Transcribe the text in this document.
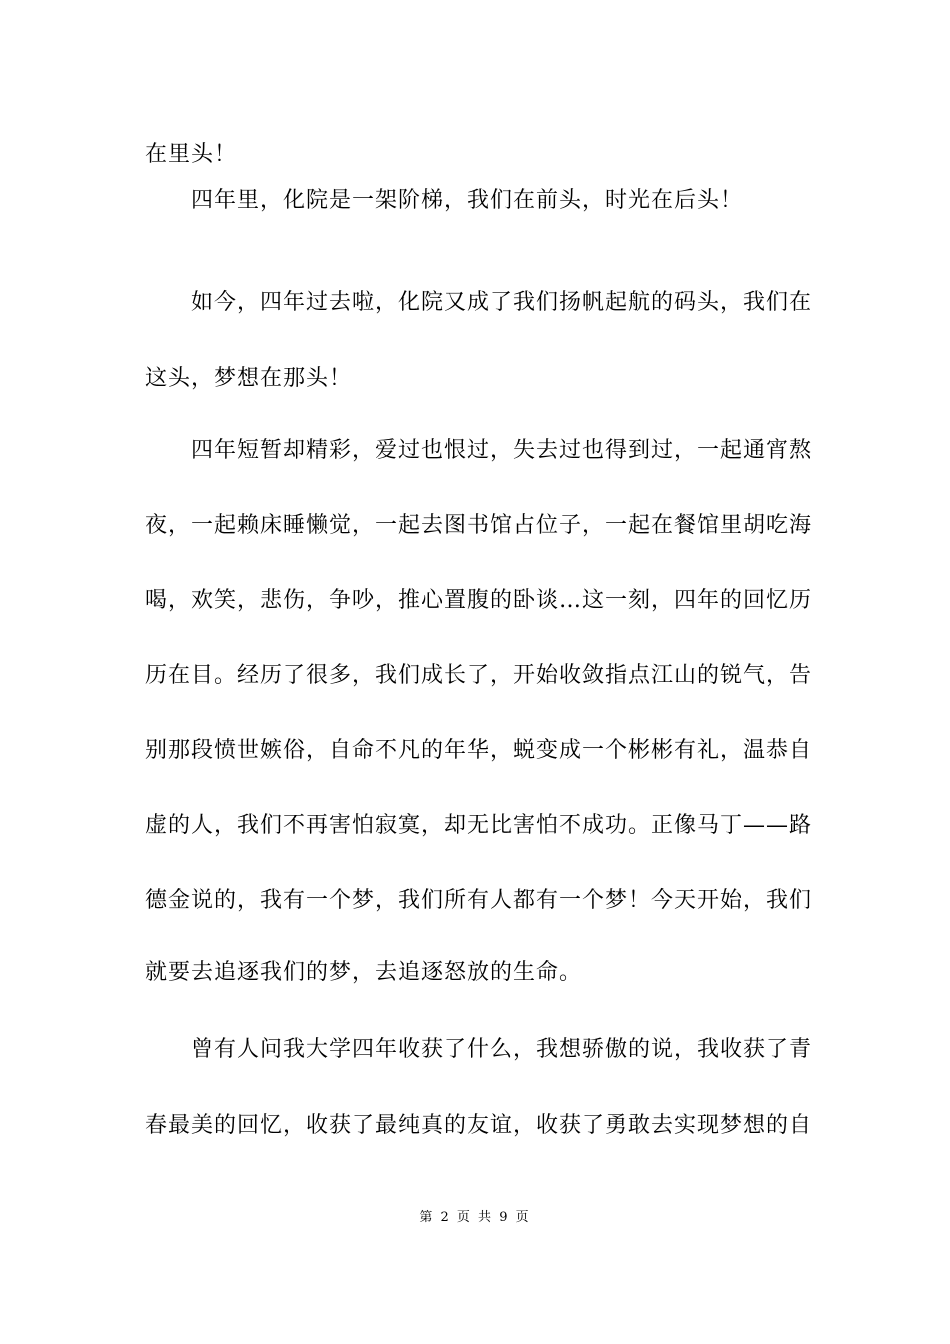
在里头！
四年里，化院是一架阶梯，我们在前头，时光在后头！
如今，四年过去啦，化院又成了我们扬帆起航的码头，我们在
这头，梦想在那头！
四年短暂却精彩，爱过也恨过，失去过也得到过，一起通宵熬
夜，一起赖床睡懒觉，一起去图书馆占位子，一起在餐馆里胡吃海
喝，欢笑，悲伤，争吵，推心置腹的卧谈…这一刻，四年的回忆历
历在目。经历了很多，我们成长了，开始收敛指点江山的锐气，告
别那段愤世嫉俗，自命不凡的年华，蜕变成一个彬彬有礼，温恭自
虚的人，我们不再害怕寂寞，却无比害怕不成功。正像马丁——路
德金说的，我有一个梦，我们所有人都有一个梦！今天开始，我们
就要去追逐我们的梦，去追逐怒放的生命。
曾有人问我大学四年收获了什么，我想骄傲的说，我收获了青
春最美的回忆，收获了最纯真的友谊，收获了勇敢去实现梦想的自
第 2 页 共 9 页
